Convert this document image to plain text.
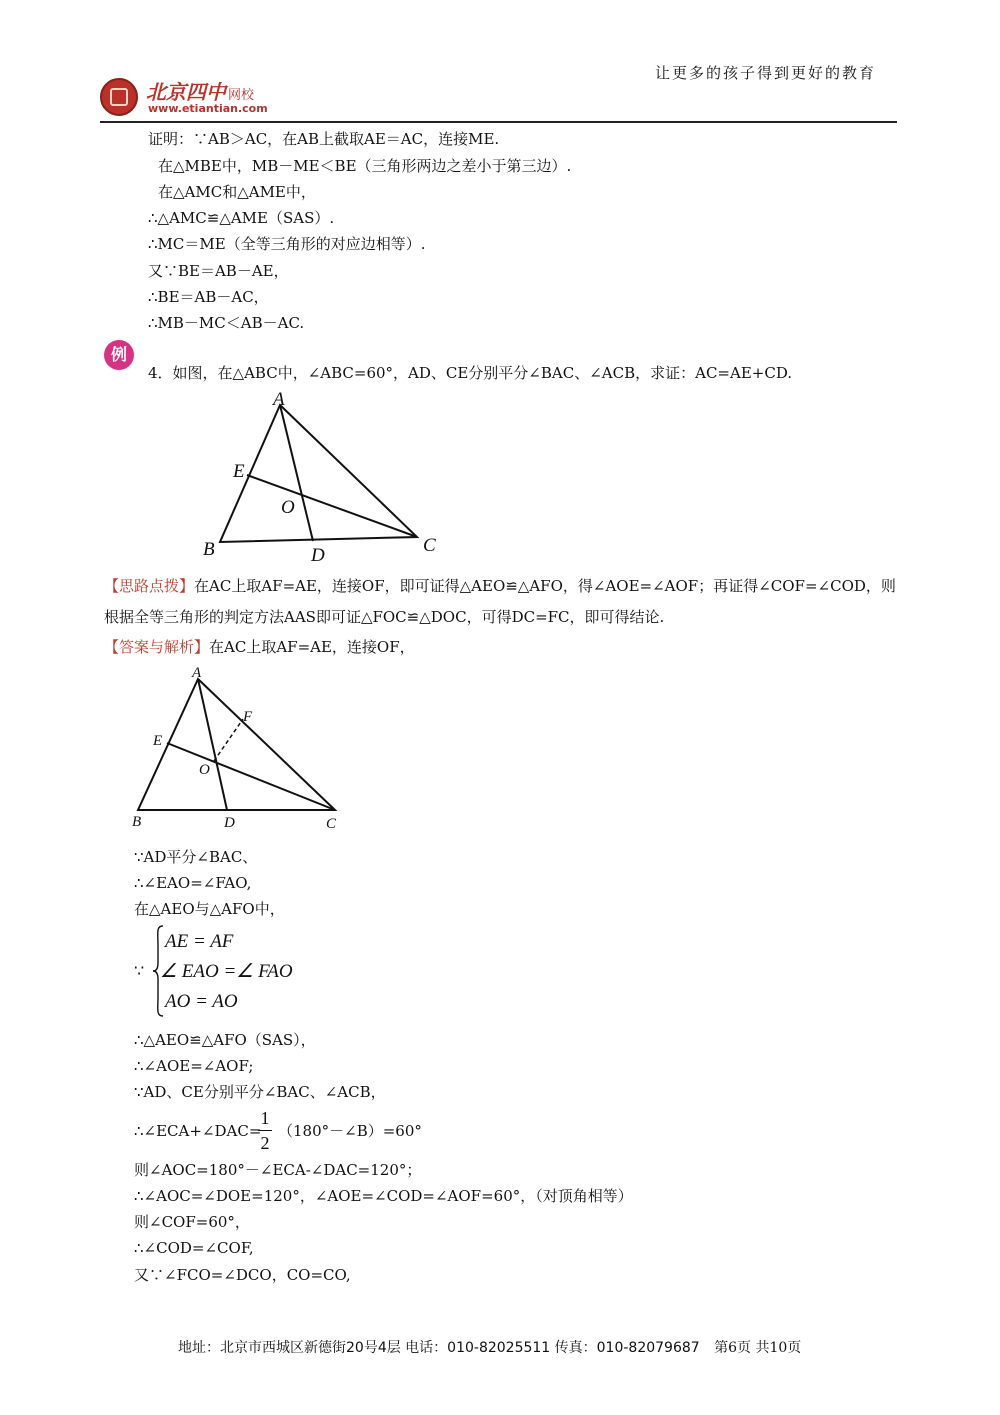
让更多的孩子得到更好的教育
北京四中 网校
www.etiantian.com
证明：∵AB＞AC，在AB上截取AE＝AC，连接ME.
在△MBE中，MB－ME＜BE（三角形两边之差小于第三边）.
在△AMC和△AME中，
∴△AMC≌△AME（SAS）.
∴MC＝ME（全等三角形的对应边相等）.
又∵BE＝AB－AE，
∴BE＝AB－AC，
∴MB－MC＜AB－AC.
例
4．如图，在△ABC中，∠ABC=60°，AD、CE分别平分∠BAC、∠ACB，求证：AC=AE+CD.
A
B	C
D
E
O
【思路点拨】在AC上取AF=AE，连接OF，即可证得△AEO≌△AFO，得∠AOE=∠AOF；再证得∠COF=∠COD，则
根据全等三角形的判定方法AAS即可证△FOC≌△DOC，可得DC=FC，即可得结论.
【答案与解析】在AC上取AF=AE，连接OF，
A
B	C
D
E
F
O
∵AD平分∠BAC、
∴∠EAO=∠FAO,
在△AEO与△AFO中，
∵
AE = AF
∠ EAO =∠ FAO
AO = AO
∴△AEO≌△AFO（SAS），
∴∠AOE=∠AOF;
∵AD、CE分别平分∠BAC、∠ACB，
∴∠ECA+∠DAC=
1
2
（180°－∠B）=60°
则∠AOC=180°－∠ECA-∠DAC=120°；
∴∠AOC=∠DOE=120°，∠AOE=∠COD=∠AOF=60°，（对顶角相等）
则∠COF=60°，
∴∠COD=∠COF,
又∵∠FCO=∠DCO，CO=CO,
地址：北京市西城区新德街20号4层 电话：010-82025511 传真：010-82079687 第6页 共10页
